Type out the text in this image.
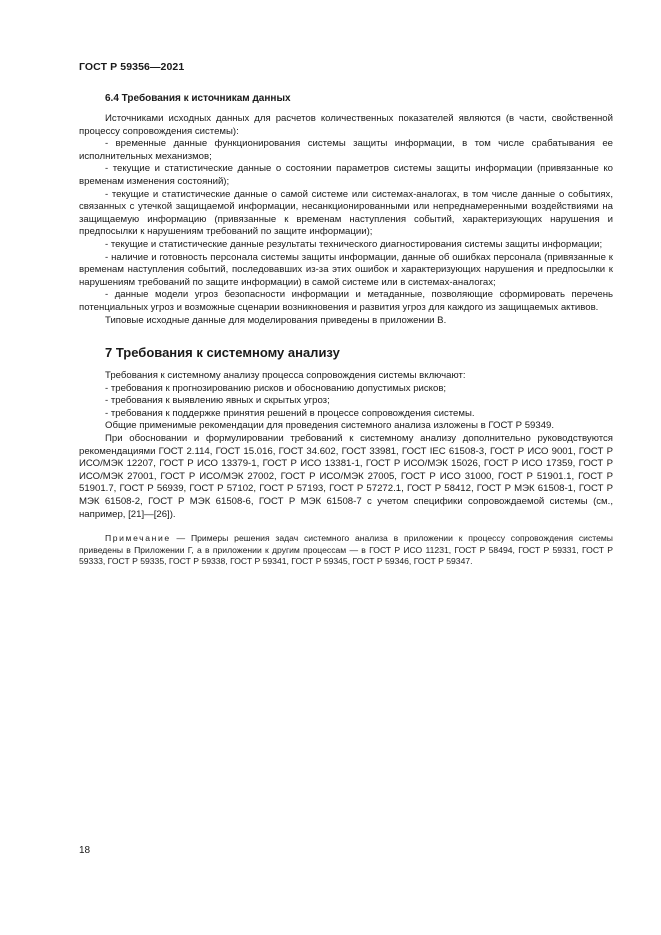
ГОСТ Р 59356—2021
6.4 Требования к источникам данных

Источниками исходных данных для расчетов количественных показателей являются (в части, свойственной процессу сопровождения системы):

- временные данные функционирования системы защиты информации, в том числе срабатывания ее исполнительных механизмов;

- текущие и статистические данные о состоянии параметров системы защиты информации (привязанные ко временам изменения состояний);

- текущие и статистические данные о самой системе или системах-аналогах, в том числе данные о событиях, связанных с утечкой защищаемой информации, несанкционированными или непреднамеренными воздействиями на защищаемую информацию (привязанные к временам наступления событий, характеризующих нарушения и предпосылки к нарушениям требований по защите информации);

- текущие и статистические данные результаты технического диагностирования системы защиты информации;

- наличие и готовность персонала системы защиты информации, данные об ошибках персонала (привязанные к временам наступления событий, последовавших из-за этих ошибок и характеризующих нарушения и предпосылки к нарушениям требований по защите информации) в самой системе или в системах-аналогах;

- данные модели угроз безопасности информации и метаданные, позволяющие сформировать перечень потенциальных угроз и возможные сценарии возникновения и развития угроз для каждого из защищаемых активов.

Типовые исходные данные для моделирования приведены в приложении В.

7 Требования к системному анализу

Требования к системному анализу процесса сопровождения системы включают:

- требования к прогнозированию рисков и обоснованию допустимых рисков;

- требования к выявлению явных и скрытых угроз;

- требования к поддержке принятия решений в процессе сопровождения системы.

Общие применимые рекомендации для проведения системного анализа изложены в ГОСТ Р 59349.

При обосновании и формулировании требований к системному анализу дополнительно руководствуются рекомендациями ГОСТ 2.114, ГОСТ 15.016, ГОСТ 34.602, ГОСТ 33981, ГОСТ IEC 61508-3, ГОСТ Р ИСО 9001, ГОСТ Р ИСО/МЭК 12207, ГОСТ Р ИСО 13379-1, ГОСТ Р ИСО 13381-1, ГОСТ Р ИСО/МЭК 15026, ГОСТ Р ИСО 17359, ГОСТ Р ИСО/МЭК 27001, ГОСТ Р ИСО/МЭК 27002, ГОСТ Р ИСО/МЭК 27005, ГОСТ Р ИСО 31000, ГОСТ Р 51901.1, ГОСТ Р 51901.7, ГОСТ Р 56939, ГОСТ Р 57102, ГОСТ Р 57193, ГОСТ Р 57272.1, ГОСТ Р 58412, ГОСТ Р МЭК 61508-1, ГОСТ Р МЭК 61508-2, ГОСТ Р МЭК 61508-6, ГОСТ Р МЭК 61508-7 с учетом специфики сопровождаемой системы (см., например, [21]—[26]).

Примечание — Примеры решения задач системного анализа в приложении к процессу сопровождения системы приведены в Приложении Г, а в приложении к другим процессам — в ГОСТ Р ИСО 11231, ГОСТ Р 58494, ГОСТ Р 59331, ГОСТ Р 59333, ГОСТ Р 59335, ГОСТ Р 59338, ГОСТ Р 59341, ГОСТ Р 59345, ГОСТ Р 59346, ГОСТ Р 59347.
18
